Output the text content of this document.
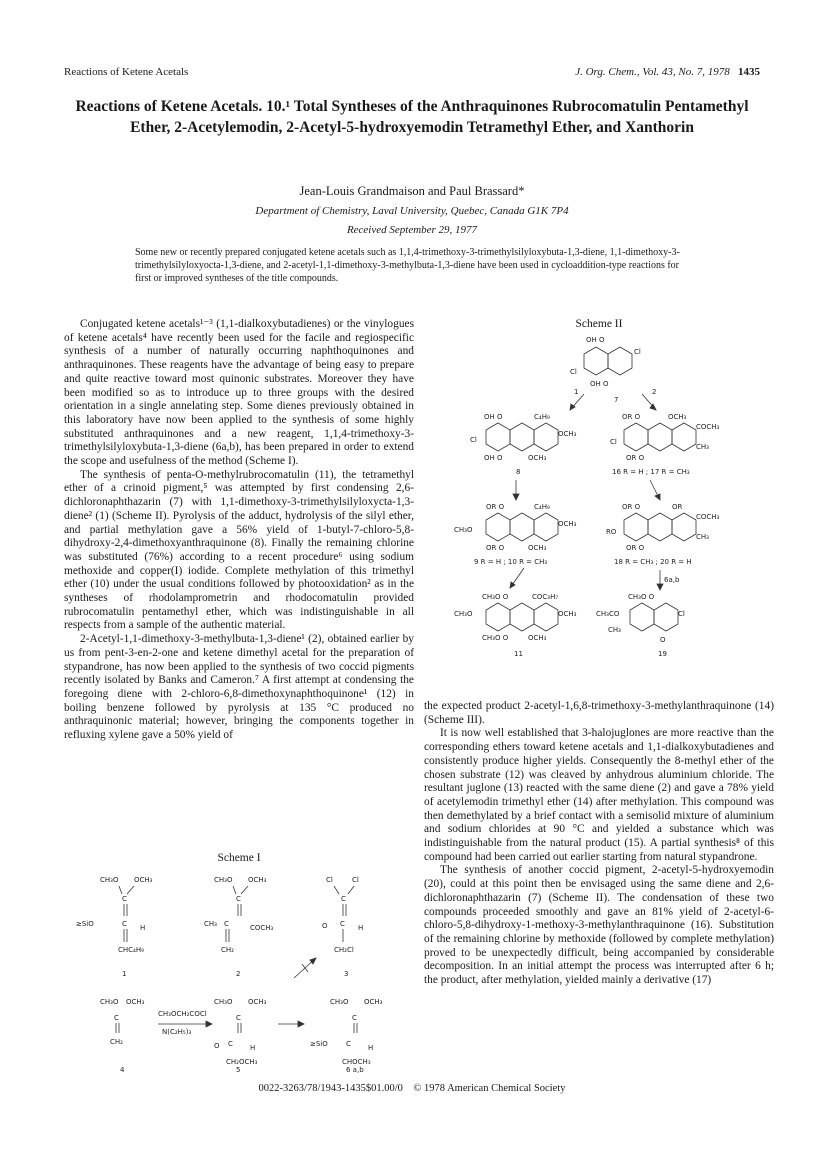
Reactions of Ketene Acetals	J. Org. Chem., Vol. 43, No. 7, 1978 1435
Reactions of Ketene Acetals. 10.¹ Total Syntheses of the Anthraquinones Rubrocomatulin Pentamethyl Ether, 2-Acetylemodin, 2-Acetyl-5-hydroxyemodin Tetramethyl Ether, and Xanthorin
Jean-Louis Grandmaison and Paul Brassard*
Department of Chemistry, Laval University, Quebec, Canada G1K 7P4
Received September 29, 1977
Some new or recently prepared conjugated ketene acetals such as 1,1,4-trimethoxy-3-trimethylsilyloxybuta-1,3-diene, 1,1-dimethoxy-3-trimethylsilyloxyocta-1,3-diene, and 2-acetyl-1,1-dimethoxy-3-methylbuta-1,3-diene have been used in cycloaddition-type reactions for first or improved syntheses of the title compounds.

Conjugated ketene acetals¹⁻³ (1,1-dialkoxybutadienes) or the vinylogues of ketene acetals⁴ have recently been used for the facile and regiospecific synthesis of a number of naturally occurring naphthoquinones and anthraquinones. These reagents have the advantage of being easy to prepare and quite reactive toward most quinonic substrates. Moreover they have been modified so as to introduce up to three groups with the desired orientation in a single annelating step. Some dienes previously obtained in this laboratory have now been applied to the synthesis of some highly substituted anthraquinones and a new reagent, 1,1,4-trimethoxy-3-trimethylsilyloxybuta-1,3-diene (6a,b), has been prepared in order to extend the scope and usefulness of the method (Scheme I).

The synthesis of penta-O-methylrubrocomatulin (11), the tetramethyl ether of a crinoid pigment,⁵ was attempted by first condensing 2,6-dichloronaphthazarin (7) with 1,1-dimethoxy-3-trimethylsilyloxycta-1,3-diene² (1) (Scheme II). Pyrolysis of the adduct, hydrolysis of the silyl ether, and partial methylation gave a 56% yield of 1-butyl-7-chloro-5,8-dihydroxy-2,4-dimethoxyanthraquinone (8). Finally the remaining chlorine was substituted (76%) according to a recent procedure⁶ using sodium methoxide and copper(I) iodide. Complete methylation of this trimethyl ether (10) under the usual conditions followed by photooxidation² as in the syntheses of rhodolamprometrin and rhodocomatulin provided rubrocomatulin pentamethyl ether, which was indistinguishable in all respects from a sample of the authentic material.

2-Acetyl-1,1-dimethoxy-3-methylbuta-1,3-diene¹ (2), obtained earlier by us from pent-3-en-2-one and ketene dimethyl acetal for the preparation of stypandrone, has now been applied to the synthesis of two coccid pigments recently isolated by Banks and Cameron.⁷ A first attempt at condensing the foregoing diene with 2-chloro-6,8-dimethoxynaphthoquinone¹ (12) in boiling benzene followed by pyrolysis at 135 °C produced no anthraquinonic material; however, bringing the components together in refluxing xylene gave a 50% yield of

Scheme I
CH₃O OCH₃
C
≥SiO	C H
CHC₄H₉
1
CH₃O OCH₃
C
CH₃ C	COCH₃
CH₂
2
Cl	Cl
C
O C H
CH₂Cl
3
CH₃O OCH₃
C
CH₂
4
CH₃OCH₂COCl
N(C₂H₅)₃
CH₃O OCH₃
C
O C H
CH₂OCH₃
5
CH₃O OCH₃
C
≥SiO	C H
CHOCH₃
6 a,b
Scheme II
OH O
Cl
Cl
OH O
7
1	2
OH O	C₄H₉
Cl
OCH₃
OH O	OCH₃
8
OR O	OCH₃
COCH₃
Cl
CH₃
OR O
16 R = H ; 17 R = CH₃
OR O	C₄H₉
CH₃O
OCH₃
OR O	OCH₃
9 R = H ; 10 R = CH₃
OR O	OR
COCH₃
RO
CH₃
OR O
18 R = CH₃ ; 20 R = H
6a,b
CH₃O O	COC₃H₇
CH₃O	OCH₃
CH₃O O	OCH₃
11
CH₃O O
CH₃CO	Cl
CH₃
O
19

the expected product 2-acetyl-1,6,8-trimethoxy-3-methylanthraquinone (14) (Scheme III).

It is now well established that 3-halojuglones are more reactive than the corresponding ethers toward ketene acetals and 1,1-dialkoxybutadienes and consistently produce higher yields. Consequently the 8-methyl ether of the chosen substrate (12) was cleaved by anhydrous aluminium chloride. The resultant juglone (13) reacted with the same diene (2) and gave a 78% yield of acetylemodin trimethyl ether (14) after methylation. This compound was then demethylated by a brief contact with a semisolid mixture of aluminium and sodium chlorides at 90 °C and yielded a substance which was indistinguishable from the natural product (15). A partial synthesis⁸ of this compound had been carried out earlier starting from natural stypandrone.

The synthesis of another coccid pigment, 2-acetyl-5-hydroxyemodin (20), could at this point then be envisaged using the same diene and 2,6-dichloronaphthazarin (7) (Scheme II). The condensation of these two compounds proceeded smoothly and gave an 81% yield of 2-acetyl-6-chloro-5,8-dihydroxy-1-methoxy-3-methylanthraquinone (16). Substitution of the remaining chlorine by methoxide (followed by complete methylation) proved to be unexpectedly difficult, being accompanied by considerable decomposition. In an initial attempt the process was interrupted after 6 h; the product, after methylation, yielded mainly a derivative (17)

0022-3263/78/1943-1435$01.00/0 © 1978 American Chemical Society
